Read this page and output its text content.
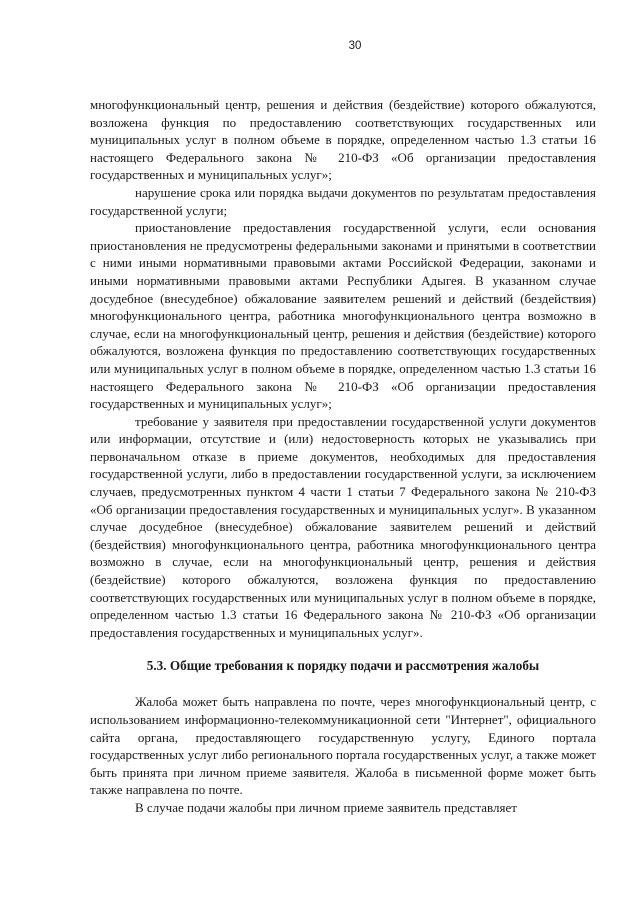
30

многофункциональный центр, решения и действия (бездействие) которого обжалуются, возложена функция по предоставлению соответствующих государственных или муниципальных услуг в полном объеме в порядке, определенном частью 1.3 статьи 16 настоящего Федерального закона № 210-ФЗ «Об организации предоставления государственных и муниципальных услуг»;

нарушение срока или порядка выдачи документов по результатам предоставления государственной услуги;

приостановление предоставления государственной услуги, если основания приостановления не предусмотрены федеральными законами и принятыми в соответствии с ними иными нормативными правовыми актами Российской Федерации, законами и иными нормативными правовыми актами Республики Адыгея. В указанном случае досудебное (внесудебное) обжалование заявителем решений и действий (бездействия) многофункционального центра, работника многофункционального центра возможно в случае, если на многофункциональный центр, решения и действия (бездействие) которого обжалуются, возложена функция по предоставлению соответствующих государственных или муниципальных услуг в полном объеме в порядке, определенном частью 1.3 статьи 16 настоящего Федерального закона № 210-ФЗ «Об организации предоставления государственных и муниципальных услуг»;

требование у заявителя при предоставлении государственной услуги документов или информации, отсутствие и (или) недостоверность которых не указывались при первоначальном отказе в приеме документов, необходимых для предоставления государственной услуги, либо в предоставлении государственной услуги, за исключением случаев, предусмотренных пунктом 4 части 1 статьи 7 Федерального закона № 210-ФЗ «Об организации предоставления государственных и муниципальных услуг». В указанном случае досудебное (внесудебное) обжалование заявителем решений и действий (бездействия) многофункционального центра, работника многофункционального центра возможно в случае, если на многофункциональный центр, решения и действия (бездействие) которого обжалуются, возложена функция по предоставлению соответствующих государственных или муниципальных услуг в полном объеме в порядке, определенном частью 1.3 статьи 16 Федерального закона № 210-ФЗ «Об организации предоставления государственных и муниципальных услуг».

5.3. Общие требования к порядку подачи и рассмотрения жалобы

Жалоба может быть направлена по почте, через многофункциональный центр, с использованием информационно-телекоммуникационной сети "Интернет", официального сайта органа, предоставляющего государственную услугу, Единого портала государственных услуг либо регионального портала государственных услуг, а также может быть принята при личном приеме заявителя. Жалоба в письменной форме может быть также направлена по почте.

В случае подачи жалобы при личном приеме заявитель представляет
